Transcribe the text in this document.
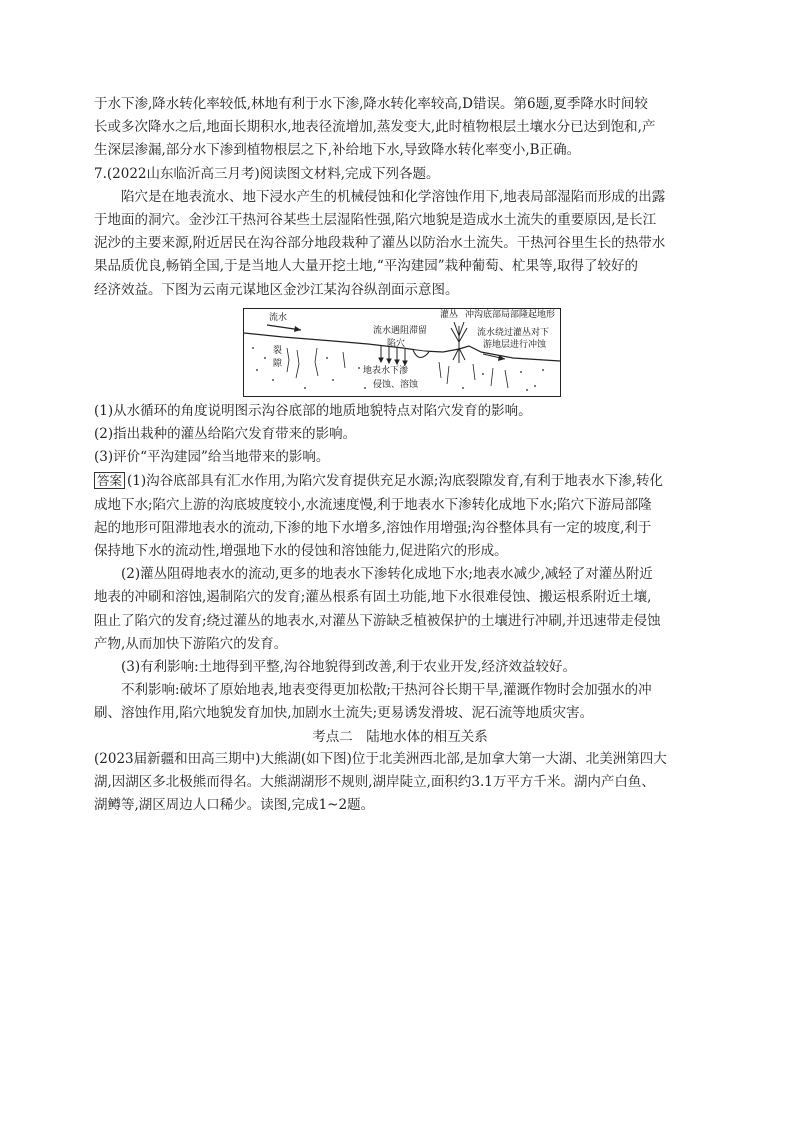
于水下渗,降水转化率较低,林地有利于水下渗,降水转化率较高,D错误。第6题,夏季降水时间较

长或多次降水之后,地面长期积水,地表径流增加,蒸发变大,此时植物根层土壤水分已达到饱和,产

生深层渗漏,部分水下渗到植物根层之下,补给地下水,导致降水转化率变小,B正确。

7.(2022山东临沂高三月考)阅读图文材料,完成下列各题。

陷穴是在地表流水、地下浸水产生的机械侵蚀和化学溶蚀作用下,地表局部湿陷而形成的出露

于地面的洞穴。金沙江干热河谷某些土层湿陷性强,陷穴地貌是造成水土流失的重要原因,是长江

泥沙的主要来源,附近居民在沟谷部分地段栽种了灌丛以防治水土流失。干热河谷里生长的热带水

果品质优良,畅销全国,于是当地人大量开挖土地,“平沟建园”栽种葡萄、杧果等,取得了较好的

经济效益。下图为云南元谋地区金沙江某沟谷纵剖面示意图。

流水
裂
隙
灌丛 冲沟底部局部隆起地形
流水遇阻滞留
陷穴
流水绕过灌丛对下
游地层进行冲蚀
地表水下渗
侵蚀、溶蚀

(1)从水循环的角度说明图示沟谷底部的地质地貌特点对陷穴发育的影响。

(2)指出栽种的灌丛给陷穴发育带来的影响。

(3)评价“平沟建园”给当地带来的影响。

答案 (1)沟谷底部具有汇水作用,为陷穴发育提供充足水源;沟底裂隙发育,有利于地表水下渗,转化

成地下水;陷穴上游的沟底坡度较小,水流速度慢,利于地表水下渗转化成地下水;陷穴下游局部隆

起的地形可阻滞地表水的流动,下渗的地下水增多,溶蚀作用增强;沟谷整体具有一定的坡度,利于

保持地下水的流动性,增强地下水的侵蚀和溶蚀能力,促进陷穴的形成。

(2)灌丛阻碍地表水的流动,更多的地表水下渗转化成地下水;地表水减少,减轻了对灌丛附近

地表的冲刷和溶蚀,遏制陷穴的发育;灌丛根系有固土功能,地下水很难侵蚀、搬运根系附近土壤,

阻止了陷穴的发育;绕过灌丛的地表水,对灌丛下游缺乏植被保护的土壤进行冲刷,并迅速带走侵蚀

产物,从而加快下游陷穴的发育。

(3)有利影响:土地得到平整,沟谷地貌得到改善,利于农业开发,经济效益较好。

不利影响:破坏了原始地表,地表变得更加松散;干热河谷长期干旱,灌溉作物时会加强水的冲

刷、溶蚀作用,陷穴地貌发育加快,加剧水土流失;更易诱发滑坡、泥石流等地质灾害。

考点二　陆地水体的相互关系

(2023届新疆和田高三期中)大熊湖(如下图)位于北美洲西北部,是加拿大第一大湖、北美洲第四大

湖,因湖区多北极熊而得名。大熊湖湖形不规则,湖岸陡立,面积约3.1万平方千米。湖内产白鱼、

湖鳟等,湖区周边人口稀少。读图,完成1~2题。
